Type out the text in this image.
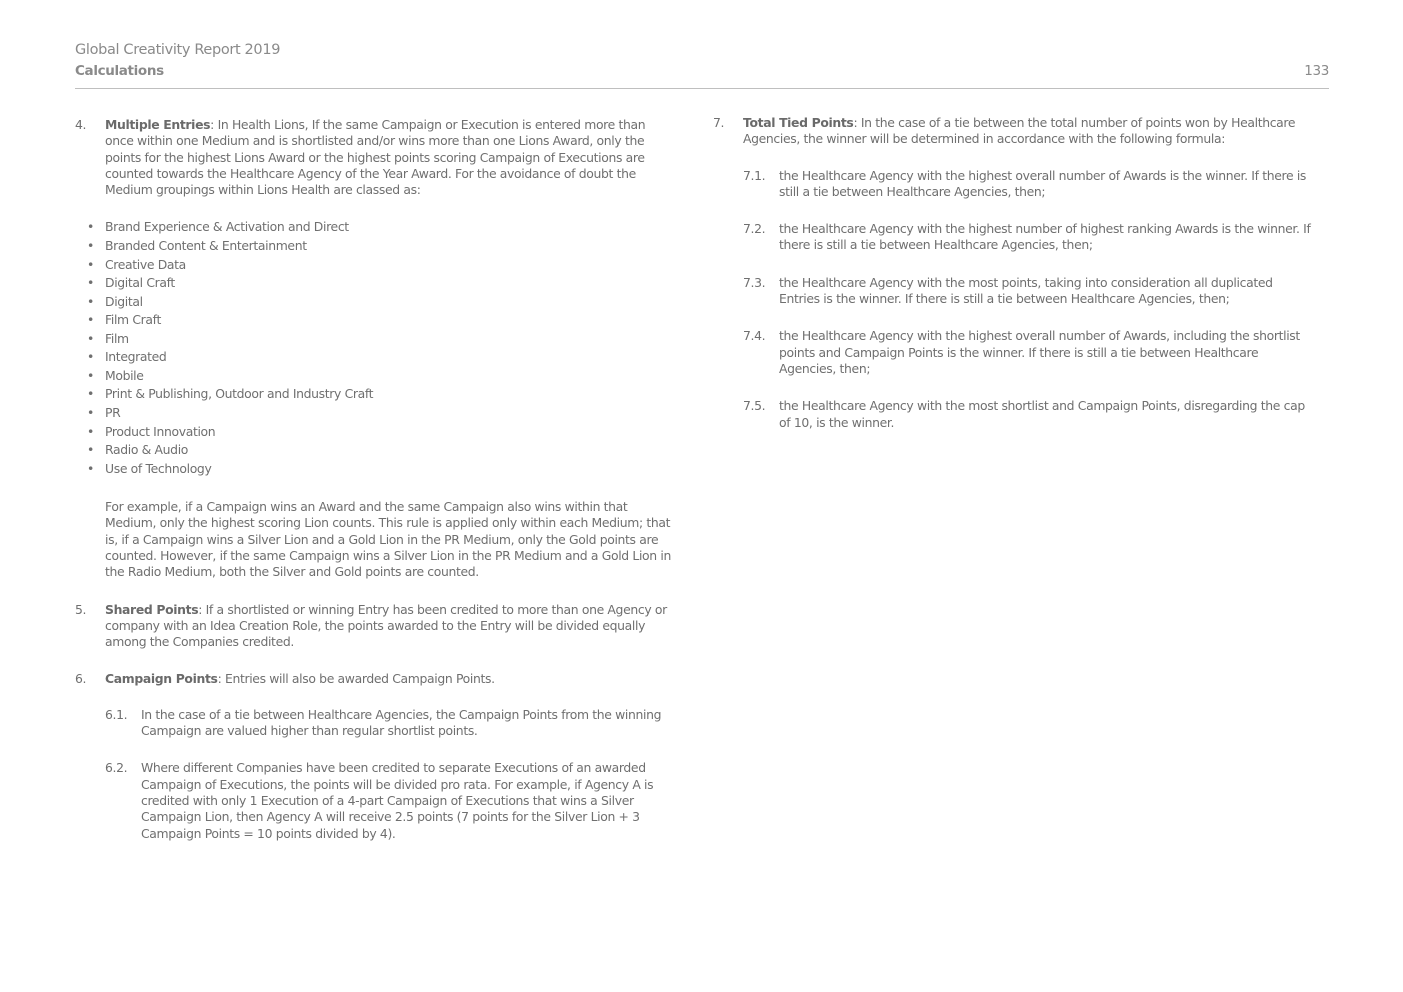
Global Creativity Report 2019
Calculations	133
4. Multiple Entries: In Health Lions, If the same Campaign or Execution is entered more than once within one Medium and is shortlisted and/or wins more than one Lions Award, only the points for the highest Lions Award or the highest points scoring Campaign of Executions are counted towards the Healthcare Agency of the Year Award. For the avoidance of doubt the Medium groupings within Lions Health are classed as:
• Brand Experience & Activation and Direct
• Branded Content & Entertainment
• Creative Data
• Digital Craft
• Digital
• Film Craft
• Film
• Integrated
• Mobile
• Print & Publishing, Outdoor and Industry Craft
• PR
• Product Innovation
• Radio & Audio
• Use of Technology
For example, if a Campaign wins an Award and the same Campaign also wins within that Medium, only the highest scoring Lion counts. This rule is applied only within each Medium; that is, if a Campaign wins a Silver Lion and a Gold Lion in the PR Medium, only the Gold points are counted. However, if the same Campaign wins a Silver Lion in the PR Medium and a Gold Lion in the Radio Medium, both the Silver and Gold points are counted.
5. Shared Points: If a shortlisted or winning Entry has been credited to more than one Agency or company with an Idea Creation Role, the points awarded to the Entry will be divided equally among the Companies credited.
6. Campaign Points: Entries will also be awarded Campaign Points.
6.1. In the case of a tie between Healthcare Agencies, the Campaign Points from the winning Campaign are valued higher than regular shortlist points.
6.2. Where different Companies have been credited to separate Executions of an awarded Campaign of Executions, the points will be divided pro rata. For example, if Agency A is credited with only 1 Execution of a 4-part Campaign of Executions that wins a Silver Campaign Lion, then Agency A will receive 2.5 points (7 points for the Silver Lion + 3 Campaign Points = 10 points divided by 4).
7. Total Tied Points: In the case of a tie between the total number of points won by Healthcare Agencies, the winner will be determined in accordance with the following formula:
7.1. the Healthcare Agency with the highest overall number of Awards is the winner. If there is still a tie between Healthcare Agencies, then;
7.2. the Healthcare Agency with the highest number of highest ranking Awards is the winner. If there is still a tie between Healthcare Agencies, then;
7.3. the Healthcare Agency with the most points, taking into consideration all duplicated Entries is the winner. If there is still a tie between Healthcare Agencies, then;
7.4. the Healthcare Agency with the highest overall number of Awards, including the shortlist points and Campaign Points is the winner. If there is still a tie between Healthcare Agencies, then;
7.5. the Healthcare Agency with the most shortlist and Campaign Points, disregarding the cap of 10, is the winner.
